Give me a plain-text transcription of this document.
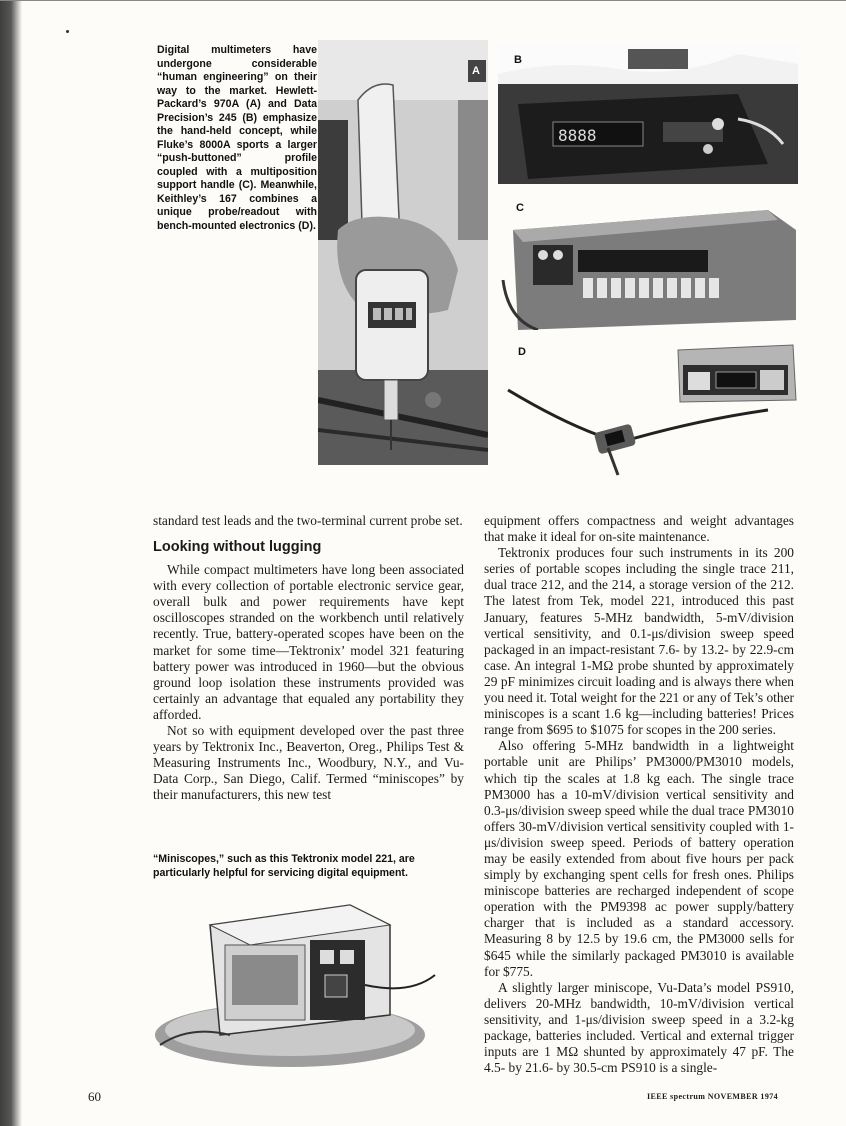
Digital multimeters have undergone considerable “human engineering” on their way to the market. Hewlett-Packard’s 970A (A) and Data Precision’s 245 (B) emphasize the hand-held concept, while Fluke’s 8000A sports a larger “push-buttoned” profile coupled with a multiposition support handle (C). Meanwhile, Keithley’s 167 combines a unique probe/readout with bench-mounted electronics (D).
A
8888
B
C
D

standard test leads and the two-terminal current probe set.

Looking without lugging

While compact multimeters have long been associated with every collection of portable electronic service gear, overall bulk and power requirements have kept oscilloscopes stranded on the workbench until relatively recently. True, battery-operated scopes have been on the market for some time—Tektronix’ model 321 featuring battery power was introduced in 1960—but the obvious ground loop isolation these instruments provided was certainly an advantage that equaled any portability they afforded.

Not so with equipment developed over the past three years by Tektronix Inc., Beaverton, Oreg., Philips Test & Measuring Instruments Inc., Woodbury, N.Y., and Vu-Data Corp., San Diego, Calif. Termed “miniscopes” by their manufacturers, this new test

“Miniscopes,” such as this Tektronix model 221, are particularly helpful for servicing digital equipment.

equipment offers compactness and weight advantages that make it ideal for on-site maintenance.

Tektronix produces four such instruments in its 200 series of portable scopes including the single trace 211, dual trace 212, and the 214, a storage version of the 212. The latest from Tek, model 221, introduced this past January, features 5-MHz bandwidth, 5-mV/division vertical sensitivity, and 0.1-μs/division sweep speed packaged in an impact-resistant 7.6- by 13.2- by 22.9-cm case. An integral 1-MΩ probe shunted by approximately 29 pF minimizes circuit loading and is always there when you need it. Total weight for the 221 or any of Tek’s other miniscopes is a scant 1.6 kg—including batteries! Prices range from $695 to $1075 for scopes in the 200 series.

Also offering 5-MHz bandwidth in a lightweight portable unit are Philips’ PM3000/PM3010 models, which tip the scales at 1.8 kg each. The single trace PM3000 has a 10-mV/division vertical sensitivity and 0.3-μs/division sweep speed while the dual trace PM3010 offers 30-mV/division vertical sensitivity coupled with 1-μs/division sweep speed. Periods of battery operation may be easily extended from about five hours per pack simply by exchanging spent cells for fresh ones. Philips miniscope batteries are recharged independent of scope operation with the PM9398 ac power supply/battery charger that is included as a standard accessory. Measuring 8 by 12.5 by 19.6 cm, the PM3000 sells for $645 while the similarly packaged PM3010 is available for $775.

A slightly larger miniscope, Vu-Data’s model PS910, delivers 20-MHz bandwidth, 10-mV/division vertical sensitivity, and 1-μs/division sweep speed in a 3.2-kg package, batteries included. Vertical and external trigger inputs are 1 MΩ shunted by approximately 47 pF. The 4.5- by 21.6- by 30.5-cm PS910 is a single-

60	IEEE spectrum NOVEMBER 1974
